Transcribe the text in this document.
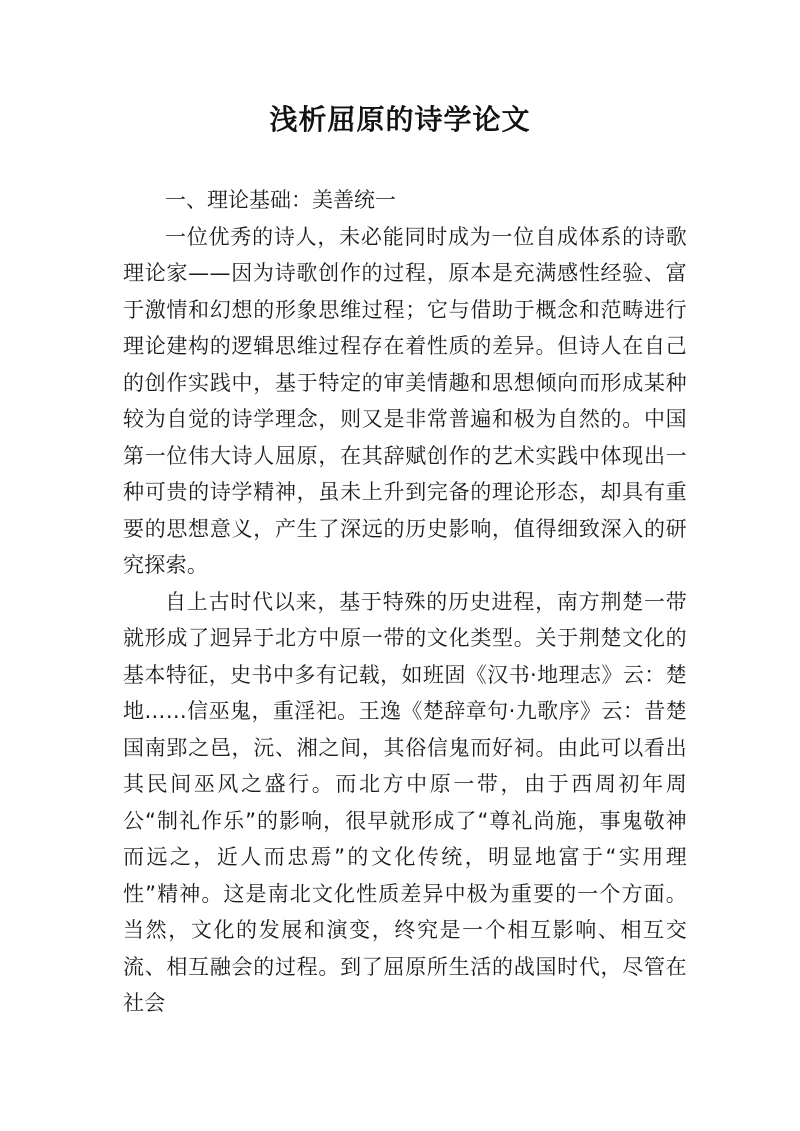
浅析屈原的诗学论文

一、理论基础：美善统一

一位优秀的诗人，未必能同时成为一位自成体系的诗歌理论家——因为诗歌创作的过程，原本是充满感性经验、富于激情和幻想的形象思维过程；它与借助于概念和范畴进行理论建构的逻辑思维过程存在着性质的差异。但诗人在自己的创作实践中，基于特定的审美情趣和思想倾向而形成某种较为自觉的诗学理念，则又是非常普遍和极为自然的。中国第一位伟大诗人屈原，在其辞赋创作的艺术实践中体现出一种可贵的诗学精神，虽未上升到完备的理论形态，却具有重要的思想意义，产生了深远的历史影响，值得细致深入的研究探索。

自上古时代以来，基于特殊的历史进程，南方荆楚一带就形成了迥异于北方中原一带的文化类型。关于荆楚文化的基本特征，史书中多有记载，如班固《汉书·地理志》云：楚地……信巫鬼，重淫祀。王逸《楚辞章句·九歌序》云：昔楚国南郢之邑，沅、湘之间，其俗信鬼而好祠。由此可以看出其民间巫风之盛行。而北方中原一带，由于西周初年周公“制礼作乐”的影响，很早就形成了“尊礼尚施，事鬼敬神而远之，近人而忠焉”的文化传统，明显地富于“实用理性”精神。这是南北文化性质差异中极为重要的一个方面。当然，文化的发展和演变，终究是一个相互影响、相互交流、相互融会的过程。到了屈原所生活的战国时代，尽管在社会
